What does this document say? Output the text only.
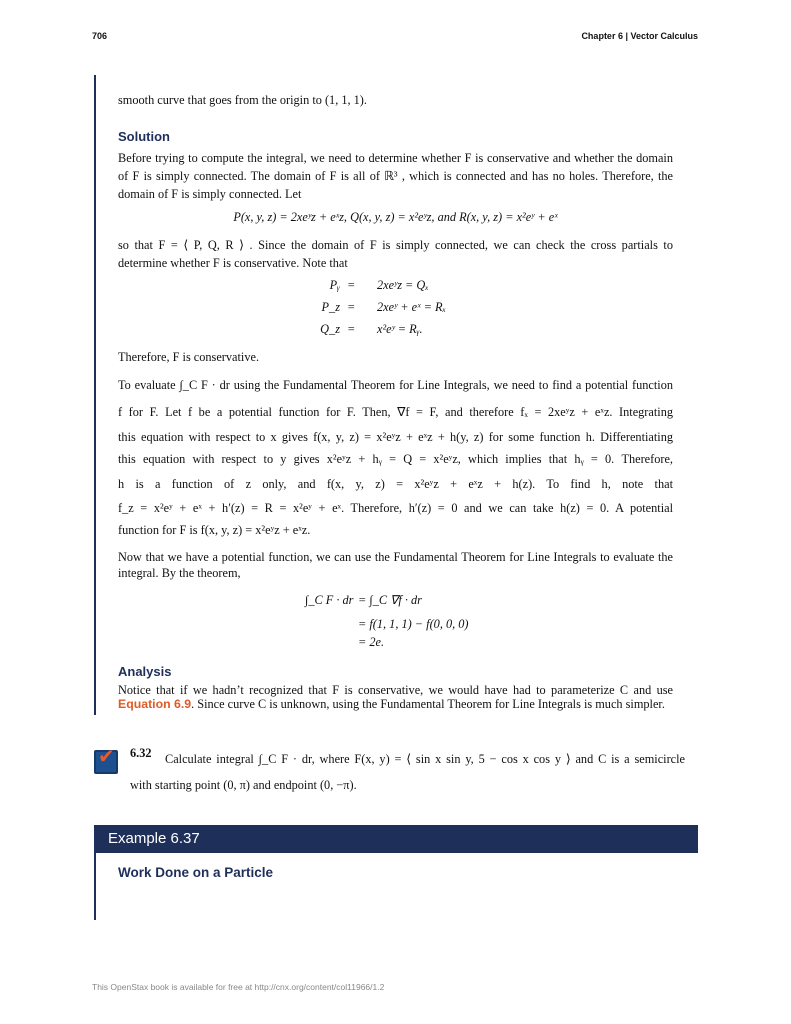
706	Chapter 6 | Vector Calculus
smooth curve that goes from the origin to (1, 1, 1).
Solution
Before trying to compute the integral, we need to determine whether F is conservative and whether the domain
of F is simply connected. The domain of F is all of ℝ³ , which is connected and has no holes. Therefore, the
domain of F is simply connected. Let
P(x, y, z) = 2xeʸz + eˣz, Q(x, y, z) = x²eʸz, and R(x, y, z) = x²eʸ + eˣ
so that F = ⟨ P, Q, R ⟩ . Since the domain of F is simply connected, we can check the cross partials to
determine whether F is conservative. Note that
Pᵧ = 2xeʸz = Qₓ
P_z = 2xeʸ + eˣ = Rₓ
Q_z = x²eʸ = Rᵧ.
Therefore, F is conservative.
To evaluate ∫_C F · dr using the Fundamental Theorem for Line Integrals, we need to find a potential function
f for F. Let f be a potential function for F. Then, ∇f = F, and therefore fₓ = 2xeʸz + eˣz. Integrating
this equation with respect to x gives f(x, y, z) = x²eʸz + eˣz + h(y, z) for some function h. Differentiating
this equation with respect to y gives x²eʸz + hᵧ = Q = x²eʸz, which implies that hᵧ = 0. Therefore,
h is a function of z only, and f(x, y, z) = x²eʸz + eˣz + h(z). To find h, note that
f_z = x²eʸ + eˣ + h′(z) = R = x²eʸ + eˣ. Therefore, h′(z) = 0 and we can take h(z) = 0. A potential
function for F is f(x, y, z) = x²eʸz + eˣz.
Now that we have a potential function, we can use the Fundamental Theorem for Line Integrals to evaluate the
integral. By the theorem,
∫_C F · dr = ∫_C ∇f · dr
= f(1, 1, 1) − f(0, 0, 0)
= 2e.
Analysis
Notice that if we hadn’t recognized that F is conservative, we would have had to parameterize C and use
Equation 6.9. Since curve C is unknown, using the Fundamental Theorem for Line Integrals is much simpler.
✔
6.32	Calculate integral ∫_C F · dr, where F(x, y) = ⟨ sin x sin y, 5 − cos x cos y ⟩ and C is a semicircle
with starting point (0, π) and endpoint (0, −π).
Example 6.37
Work Done on a Particle
This OpenStax book is available for free at http://cnx.org/content/col11966/1.2
